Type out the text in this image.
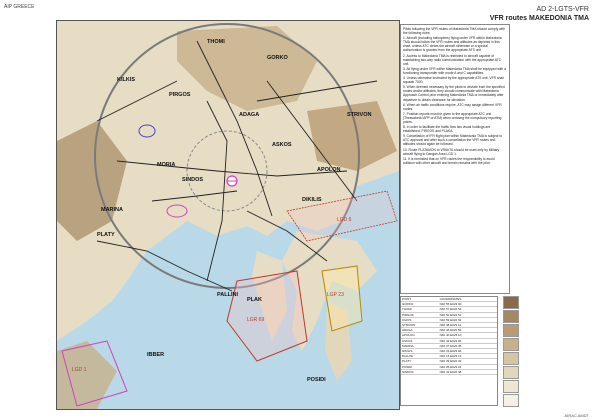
AIP GREECE	AD 2-LGTS-VFR
VFR routes MAKEDONIA TMA
GORKO
THOMI
PIRGOS
KILKIS
STRIVON
ADAGA
APOLON
ASKOS
MARINA
DIKILIS
PALLINI
PLATY
MORIA
SINDOS
POSIDI
PLAK
IBBER
LGP 23
LGR 69
LGD 1
LGD 6

Pilots following the VFR routes of Makedonia TMA should comply with the following rules:

1. Aircraft (including helicopters) flying under VFR within Makedonia TMA should follow the VFR routes and altitudes as depicted in this chart, unless ATC clears the aircraft otherwise or a special authorization is granted from the appropriate ATS unit.

2. Access to Makedonia TMA is restricted to aircraft capable of maintaining two-way radio communication with the appropriate ATC unit.

3. All flying under VFR within Makedonia TMA shall be equipped with a functioning transponder with mode A and C capabilities.

4. Unless otherwise instructed by the appropriate ATS unit, VFR shall squawk 7000.

5. When deemed necessary by the pilots to deviate from the specified routes and/or altitudes, they should communicate with Makedonia Approach Control prior entering Makedonia TMA or immediately after departure to obtain clearance for deviation.

6. When air traffic conditions require, ATC may assign different VFR routes.

7. Position reports must be given to the appropriate ATC unit (Thessaloniki APP or ATM) when crossing the compulsory reporting points.

8. In order to facilitate the traffic flow two visual holdings are established: PIRGOS and PLAKA.

9. Cancellation of IFR flight plan within Makedonia TMA is subject to ATC approval and after such a cancellation the VFR routes and altitudes should again be followed.

10. Route PLATAMON to VRAKTA should be used only by Military aircraft flying to Dangan Area LGD 1.

11. It is reminded that on VFR routes the responsibility to avoid collision with other aircraft and terrain remains with the pilot.

POINT	COORDINATES
GORKO	N40 55 E023 00
THOMI	N40 57 E022 53
PIRGOS	N40 50 E022 51
KILKIS	N40 59 E022 52
STRIVON	N40 48 E023 12
ADAGA	N40 46 E022 59
APOLON	N40 40 E023 10
ASKOS	N40 42 E023 05
MARINA	N40 37 E022 45
DIKILIS	N40 31 E023 06
PALLINI	N40 15 E023 13
PLATY	N40 39 E022 32
POSIDI	N40 05 E023 24
SINDOS	N40 41 E022 48
AIRAC AMDT
